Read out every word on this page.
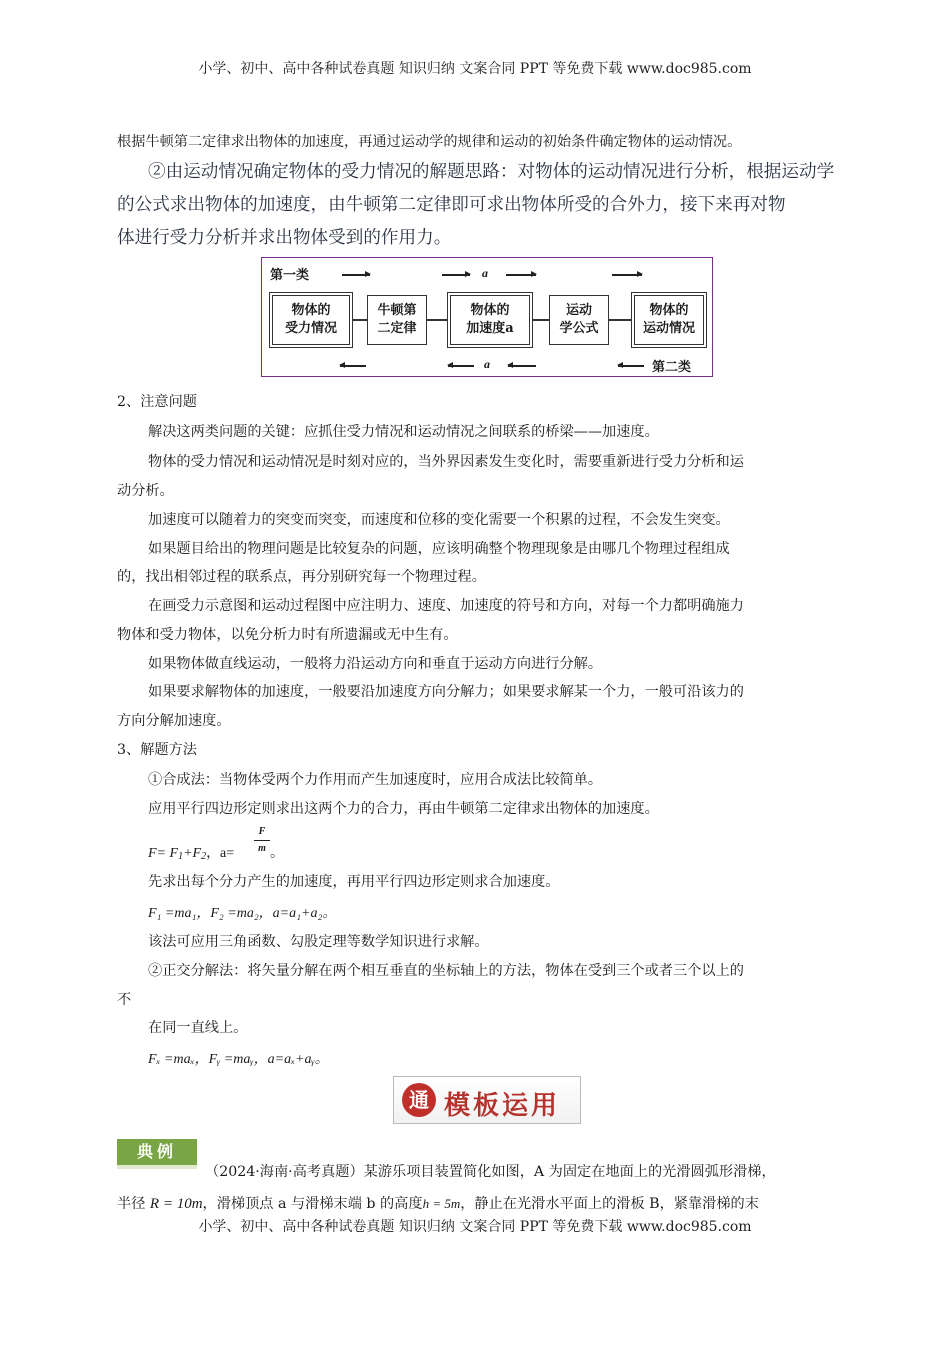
小学、初中、高中各种试卷真题 知识归纳 文案合同 PPT 等免费下载 www.doc985.com
根据牛顿第二定律求出物体的加速度，再通过运动学的规律和运动的初始条件确定物体的运动情况。
②由运动情况确定物体的受力情况的解题思路：对物体的运动情况进行分析，根据运动学
的公式求出物体的加速度，由牛顿第二定律即可求出物体所受的合外力，接下来再对物
体进行受力分析并求出物体受到的作用力。
第一类	a
物体的
受力情况
牛顿第
二定律
物体的
加速度a
运动
学公式
物体的
运动情况
a	第二类
2、注意问题
解决这两类问题的关键：应抓住受力情况和运动情况之间联系的桥梁——加速度。
物体的受力情况和运动情况是时刻对应的，当外界因素发生变化时，需要重新进行受力分析和运
动分析。
加速度可以随着力的突变而突变，而速度和位移的变化需要一个积累的过程，不会发生突变。
如果题目给出的物理问题是比较复杂的问题，应该明确整个物理现象是由哪几个物理过程组成
的，找出相邻过程的联系点，再分别研究每一个物理过程。
在画受力示意图和运动过程图中应注明力、速度、加速度的符号和方向，对每一个力都明确施力
物体和受力物体，以免分析力时有所遗漏或无中生有。
如果物体做直线运动，一般将力沿运动方向和垂直于运动方向进行分解。
如果要求解物体的加速度，一般要沿加速度方向分解力；如果要求解某一个力，一般可沿该力的
方向分解加速度。
3、解题方法
①合成法：当物体受两个力作用而产生加速度时，应用合成法比较简单。
应用平行四边形定则求出这两个力的合力，再由牛顿第二定律求出物体的加速度。
$F= F_1+F_2$，a=
F
m 。
先求出每个分力产生的加速度，再用平行四边形定则求合加速度。
F₁ =ma₁，F₂ =ma₂，a=a₁+a₂。
该法可应用三角函数、勾股定理等数学知识进行求解。
②正交分解法：将矢量分解在两个相互垂直的坐标轴上的方法，物体在受到三个或者三个以上的
不
在同一直线上。
Fₓ =maₓ，Fᵧ =maᵧ，a=aₓ+aᵧ。
通 模板运用
典例
（2024·海南·高考真题）某游乐项目装置简化如图，A 为固定在地面上的光滑圆弧形滑梯，
半径 R = 10m，滑梯顶点 a 与滑梯末端 b 的高度h = 5m，静止在光滑水平面上的滑板 B，紧靠滑梯的末
小学、初中、高中各种试卷真题 知识归纳 文案合同 PPT 等免费下载 www.doc985.com
